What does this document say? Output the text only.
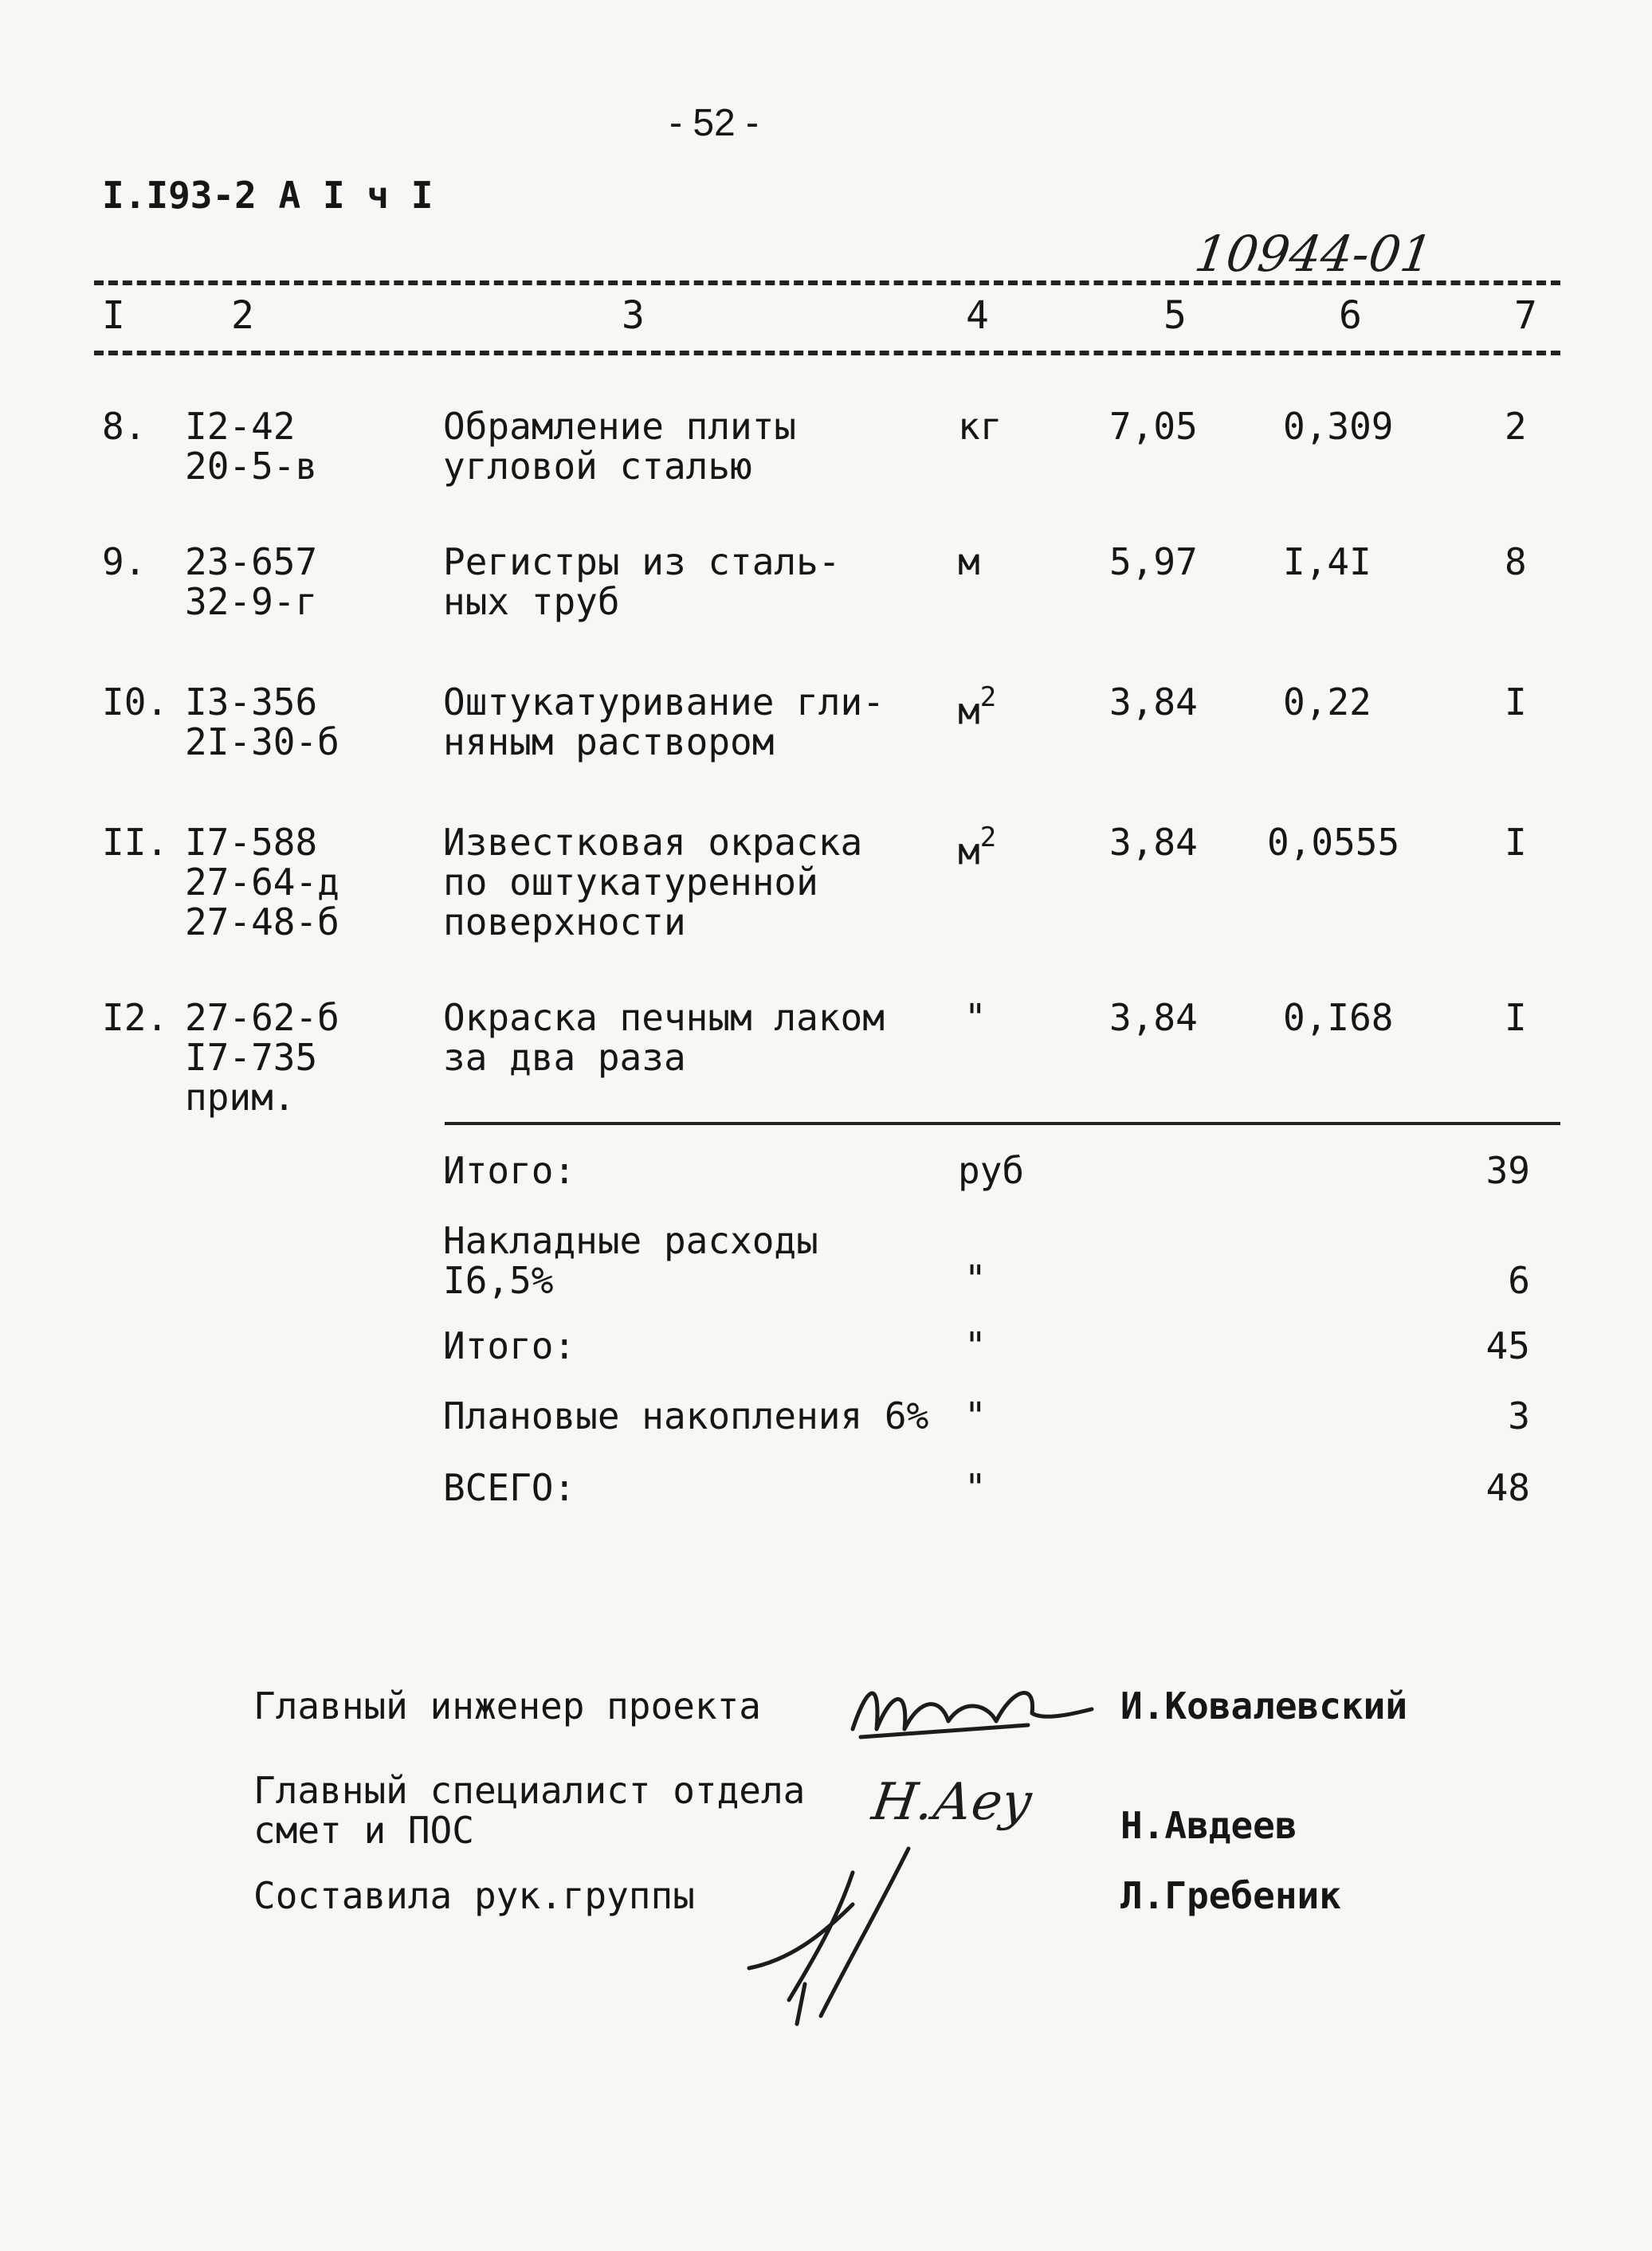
- 52 -
I.I93-2 А I ч I
10944-01
I	2	3	4	5	6	7
8. I2-42
20-5-в
Обрамление плиты
угловой сталью
кг	7,05 0,309	2
9. 23-657
32-9-г
Регистры из сталь-
ных труб
м	5,97 I,4I	8
I0. I3-356
2I-30-б
Оштукатуривание гли-
няным раствором
$м^2$	3,84 0,22	I
II. I7-588
27-64-д
27-48-б
Известковая окраска
по оштукатуренной
поверхности
$м^2$	3,84 0,0555	I
I2. 27-62-б
I7-735
прим.
Окраска печным лаком
за два раза
"	3,84 0,I68	I
Итого:	руб	39
Накладные расходы
I6,5%	"	6
Итого:	"	45
Плановые накопления 6% "	3
ВСЕГО:	"	48
Главный инженер проекта	И.Ковалевский
Главный специалист отдела
смет и ПОС	Н.Авдеев
Составила рук.группы	Л.Гребеник
Н.Аеу
